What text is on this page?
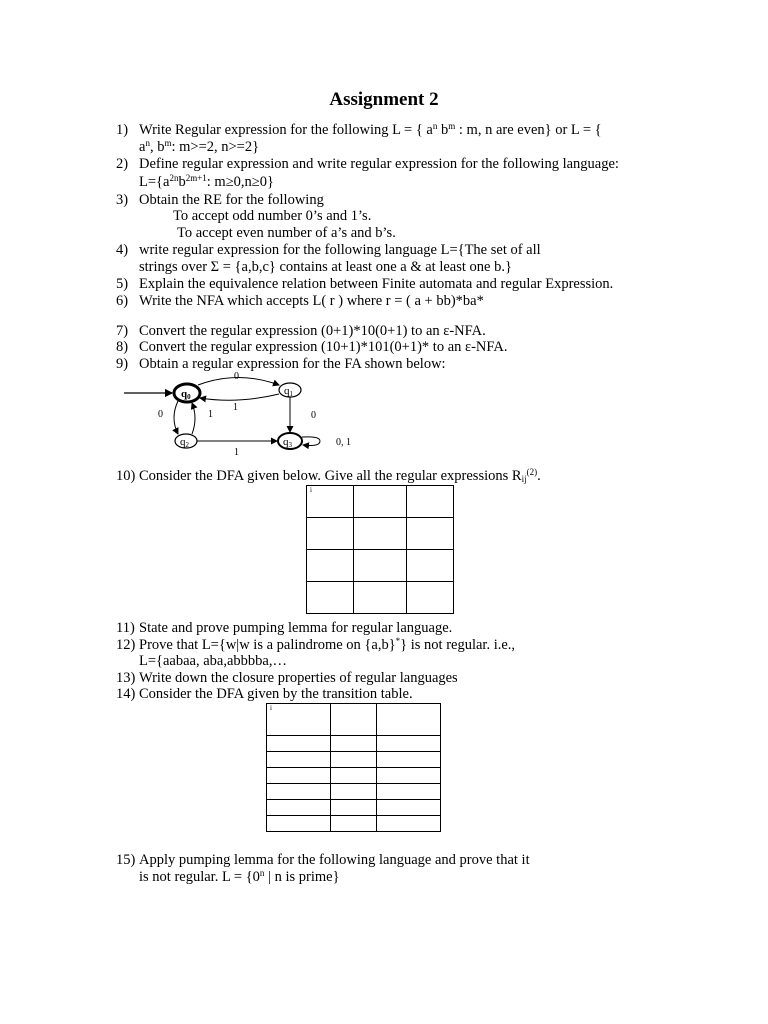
Assignment 2
1) Write Regular expression for the following L = { $a^n$ $b^m$ : m, n are even} or L = {
$a^n$, $b^m$: m>=2, n>=2}
2) Define regular expression and write regular expression for the following language:
$L=\{a^{2n}b^{2m+1}$: m≥0,n≥0}
3) Obtain the RE for the following
To accept odd number 0’s and 1’s.
To accept even number of a’s and b’s.
4) write regular expression for the following language L={The set of all
strings over Σ = {a,b,c} contains at least one a & at least one b.}
5) Explain the equivalence relation between Finite automata and regular Expression.
6) Write the NFA which accepts L( r ) where r = ( a + bb)*ba*
7) Convert the regular expression (0+1)*10(0+1) to an ε-NFA.
8) Convert the regular expression (10+1)*101(0+1)* to an ε-NFA.
9) Obtain a regular expression for the FA shown below:
q0	q1
q2	q3
0
1
0	1	0
1
0, 1
10) Consider the DFA given below. Give all the regular expressions $R_{ij}^{(2)}$.
i		

11) State and prove pumping lemma for regular language.
12) Prove that L={w|w is a palindrome on {a,b}*} is not regular. i.e.,
L={aabaa, aba,abbbba,…
13) Write down the closure properties of regular languages
14) Consider the DFA given by the transition table.
i		

15) Apply pumping lemma for the following language and prove that it
is not regular. $L = \{0^n$ | n is prime}
